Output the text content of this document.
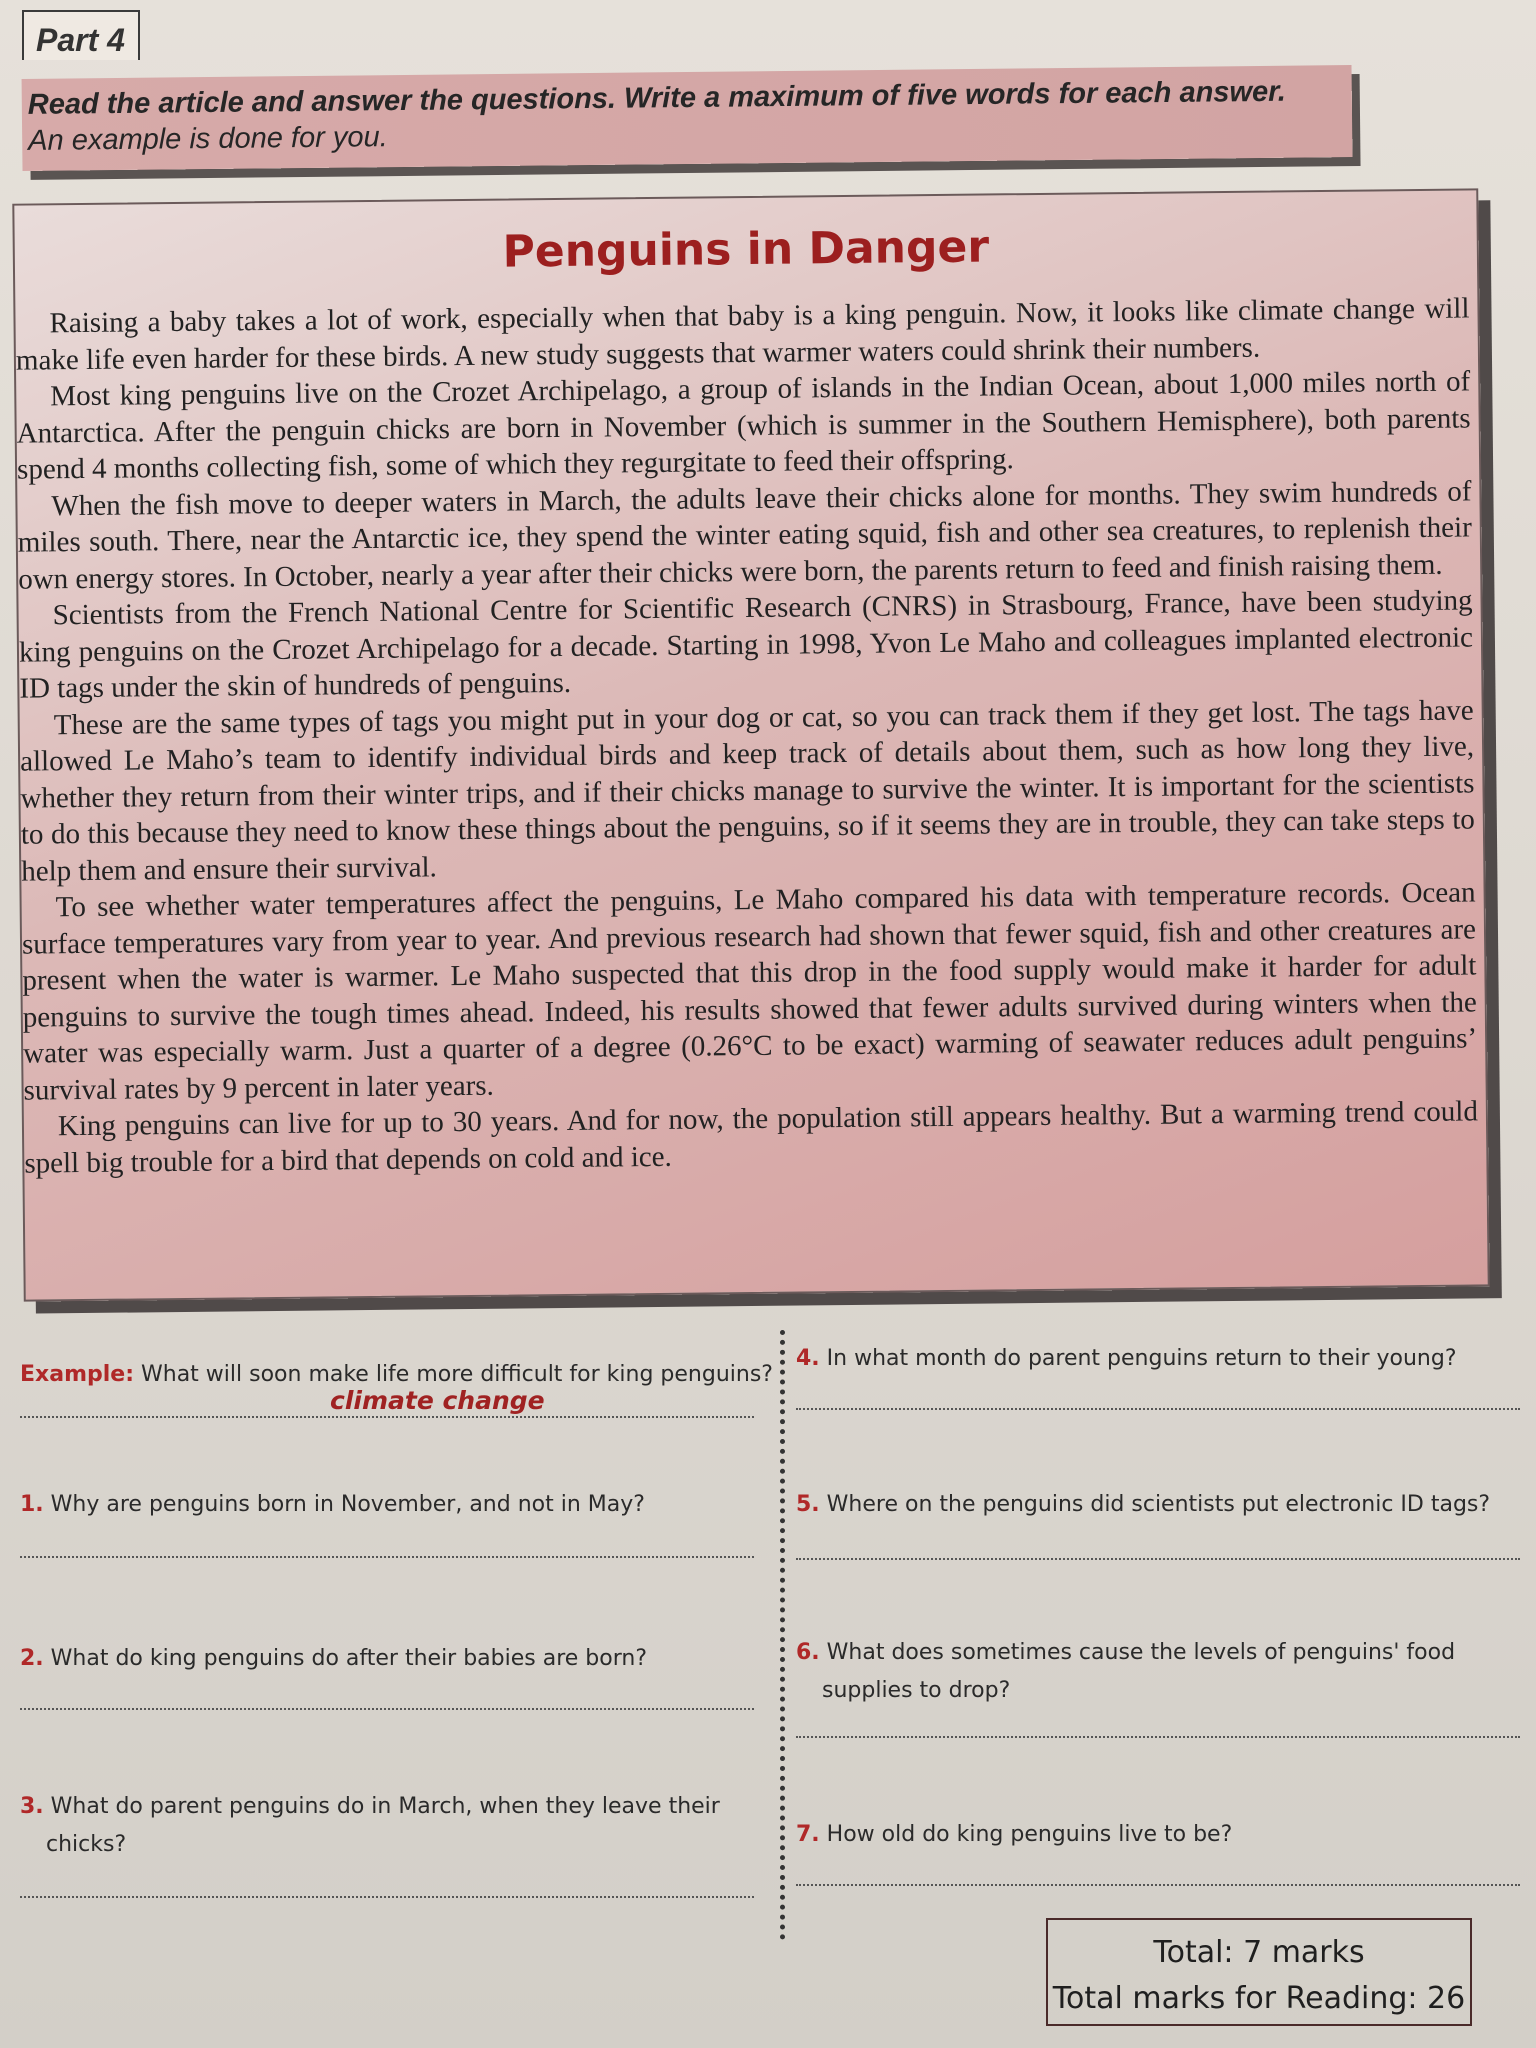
Part 4
Read the article and answer the questions. Write a maximum of five words for each answer.
An example is done for you.
Penguins in Danger

Raising a baby takes a lot of work, especially when that baby is a king penguin. Now, it looks like climate change will make life even harder for these birds. A new study suggests that warmer waters could shrink their numbers.

Most king penguins live on the Crozet Archipelago, a group of islands in the Indian Ocean, about 1,000 miles north of Antarctica. After the penguin chicks are born in November (which is summer in the Southern Hemisphere), both parents spend 4 months collecting fish, some of which they regurgitate to feed their offspring.

When the fish move to deeper waters in March, the adults leave their chicks alone for months. They swim hundreds of miles south. There, near the Antarctic ice, they spend the winter eating squid, fish and other sea creatures, to replenish their own energy stores. In October, nearly a year after their chicks were born, the parents return to feed and finish raising them.

Scientists from the French National Centre for Scientific Research (CNRS) in Strasbourg, France, have been studying king penguins on the Crozet Archipelago for a decade. Starting in 1998, Yvon Le Maho and colleagues implanted electronic ID tags under the skin of hundreds of penguins.

These are the same types of tags you might put in your dog or cat, so you can track them if they get lost. The tags have allowed Le Maho’s team to identify individual birds and keep track of details about them, such as how long they live, whether they return from their winter trips, and if their chicks manage to survive the winter. It is important for the scientists to do this because they need to know these things about the penguins, so if it seems they are in trouble, they can take steps to help them and ensure their survival.

To see whether water temperatures affect the penguins, Le Maho compared his data with temperature records. Ocean surface temperatures vary from year to year. And previous research had shown that fewer squid, fish and other creatures are present when the water is warmer. Le Maho suspected that this drop in the food supply would make it harder for adult penguins to survive the tough times ahead. Indeed, his results showed that fewer adults survived during winters when the water was especially warm. Just a quarter of a degree (0.26°C to be exact) warming of seawater reduces adult penguins’ survival rates by 9 percent in later years.

King penguins can live for up to 30 years. And for now, the population still appears healthy. But a warming trend could spell big trouble for a bird that depends on cold and ice.

Example: What will soon make life more difficult for king penguins?
climate change
1. Why are penguins born in November, and not in May?
2. What do king penguins do after their babies are born?
3. What do parent penguins do in March, when they leave their
chicks?
4. In what month do parent penguins return to their young?
5. Where on the penguins did scientists put electronic ID tags?
6. What does sometimes cause the levels of penguins' food
supplies to drop?
7. How old do king penguins live to be?
Total: 7 marks
Total marks for Reading: 26
